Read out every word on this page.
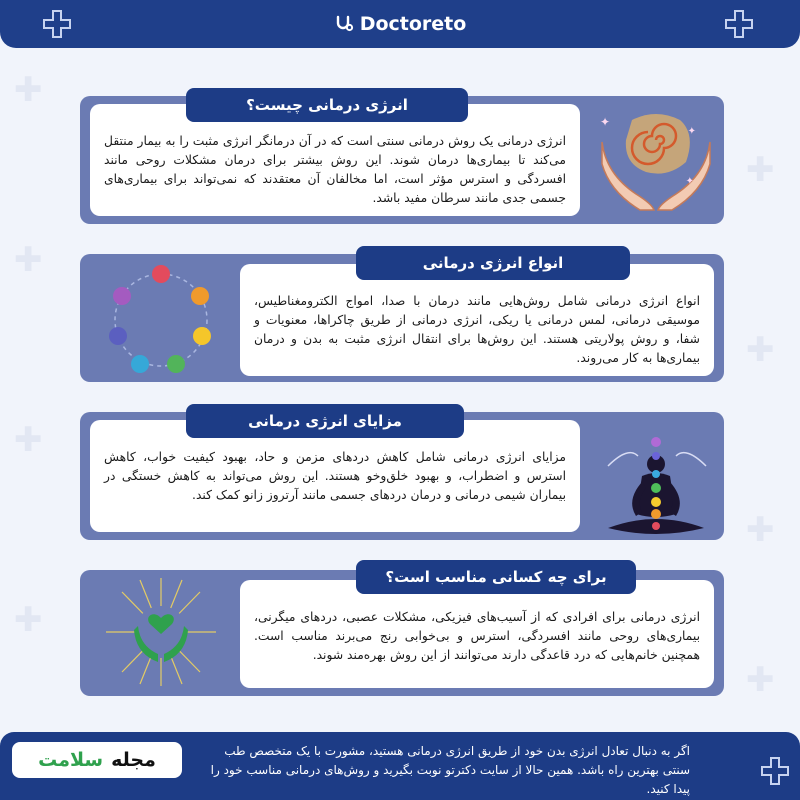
✚
✚
✚
✚
✚
✚
✚
✚
Doctoreto
انرژی درمانی یک روش درمانی سنتی است که در آن درمانگر انرژی مثبت را به بیمار منتقل می‌کند تا بیماری‌ها درمان شوند. این روش بیشتر برای درمان مشکلات روحی مانند افسردگی و استرس مؤثر است، اما مخالفان آن معتقدند که نمی‌تواند برای بیماری‌های جسمی جدی مانند سرطان مفید باشد.
انرژی درمانی چیست؟
✦
✦
✦
انواع انرژی درمانی شامل روش‌هایی مانند درمان با صدا، امواج الکترومغناطیس، موسیقی درمانی، لمس درمانی یا ریکی، انرژی درمانی از طریق چاکراها، معنویات و شفا، و روش پولاریتی هستند. این روش‌ها برای انتقال انرژی مثبت به بدن و درمان بیماری‌ها به کار می‌روند.
انواع انرژی درمانی
مزایای انرژی درمانی شامل کاهش دردهای مزمن و حاد، بهبود کیفیت خواب، کاهش استرس و اضطراب، و بهبود خلق‌وخو هستند. این روش می‌تواند به کاهش خستگی در بیماران شیمی درمانی و درمان دردهای جسمی مانند آرتروز زانو کمک کند.
مزایای انرژی درمانی
انرژی درمانی برای افرادی که از آسیب‌های فیزیکی، مشکلات عصبی، دردهای میگرنی، بیماری‌های روحی مانند افسردگی، استرس و بی‌خوابی رنج می‌برند مناسب است. همچنین خانم‌هایی که درد قاعدگی دارند می‌توانند از این روش بهره‌مند شوند.
برای چه کسانی مناسب است؟
اگر به دنبال تعادل انرژی بدن خود از طریق انرژی درمانی هستید، مشورت با یک متخصص طب سنتی بهترین راه باشد. همین حالا از سایت دکترتو نوبت بگیرید و روش‌های درمانی مناسب خود را پیدا کنید.
مجله
سلامت
